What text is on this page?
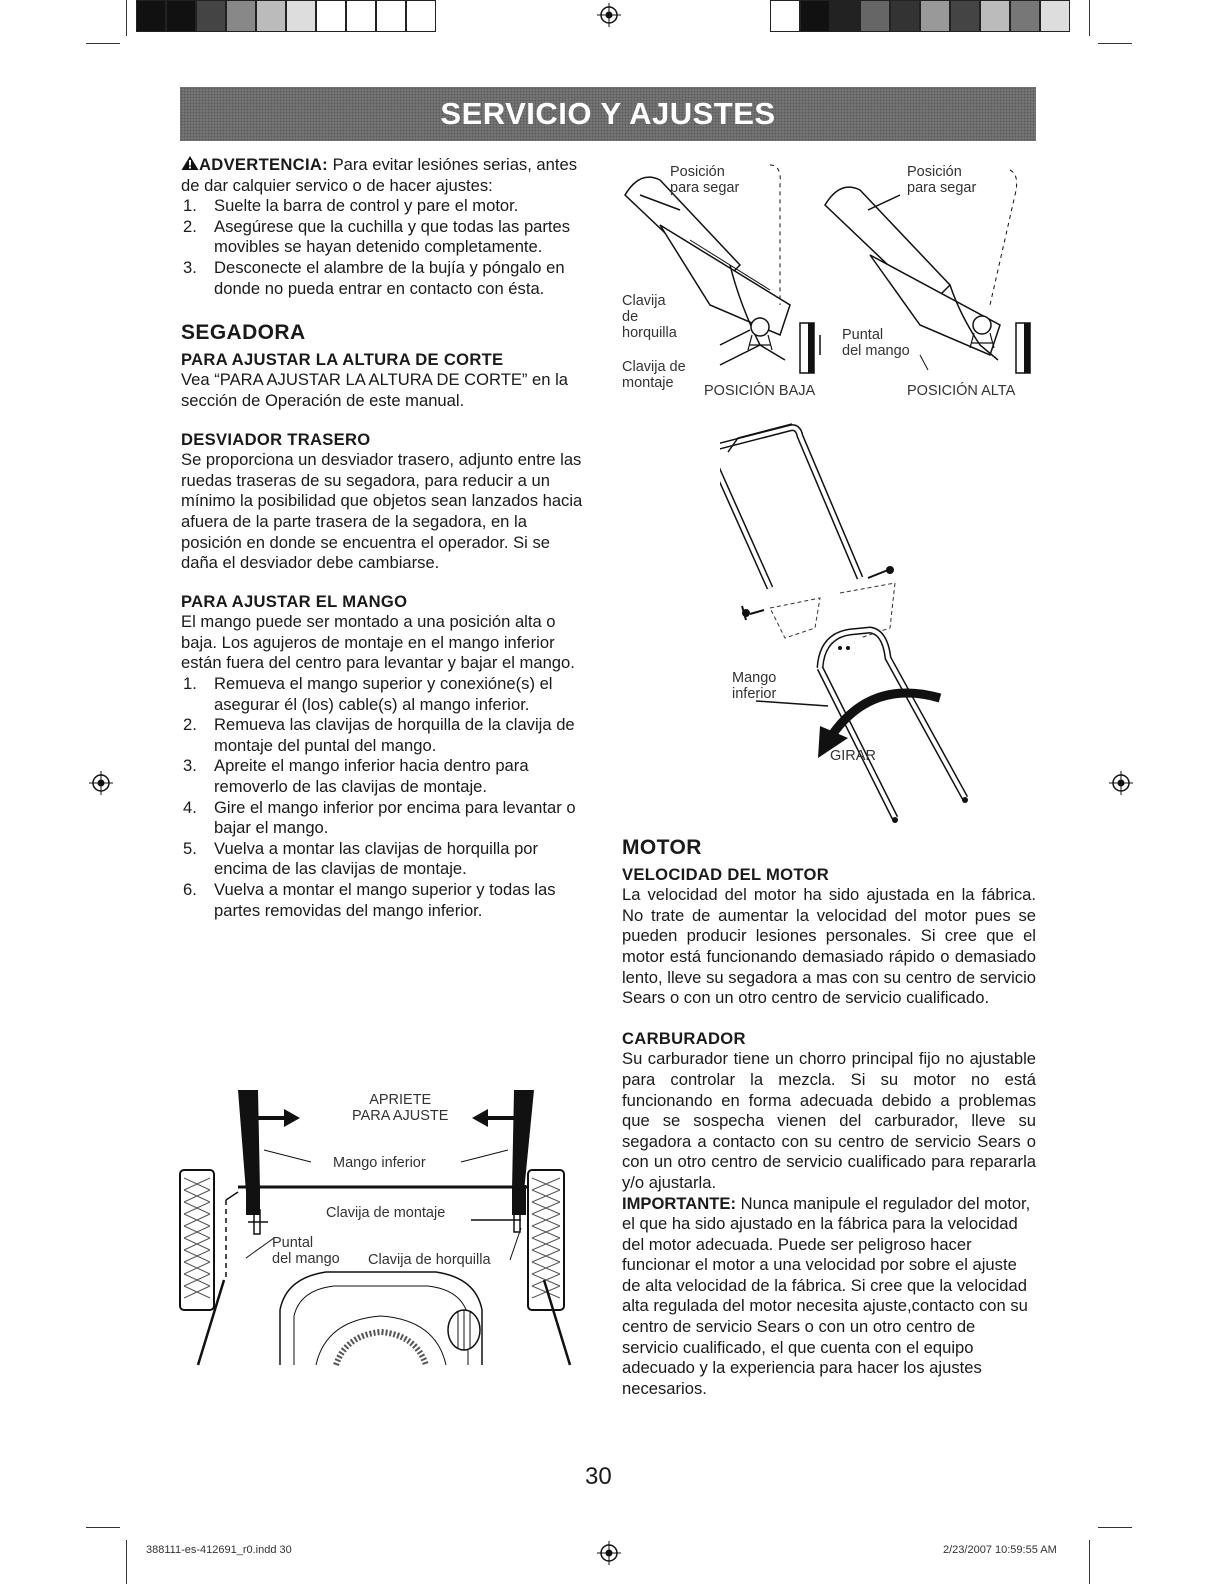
SERVICIO Y AJUSTES

ADVERTENCIA: Para evitar lesiónes serias, antes de dar calquier servico o de hacer ajustes:

1.	Suelte la barra de control y pare el motor.
2.	Asegúrese que la cuchilla y que todas las partes movibles se hayan detenido completamente.
3.	Desconecte el alambre de la bujía y póngalo en donde no pueda entrar en contacto con ésta.
SEGADORA
PARA AJUSTAR LA ALTURA DE CORTE

Vea “PARA AJUSTAR LA ALTURA DE CORTE” en la sección de Operación de este manual.

DESVIADOR TRASERO

Se proporciona un desviador trasero, adjunto entre las ruedas traseras de su segadora, para reducir a un mínimo la posibilidad que objetos sean lanzados hacia afuera de la parte trasera de la segadora, en la posición en donde se encuentra el operador. Si se daña el desviador debe cambiarse.

PARA AJUSTAR EL MANGO

El mango puede ser montado a una posición alta o baja. Los agujeros de montaje en el mango inferior están fuera del centro para levantar y bajar el mango.

1.	Remueva el mango superior y conexióne(s) el asegurar él (los) cable(s) al mango inferior.
2.	Remueva las clavijas de horquilla de la clavija de montaje del puntal del mango.
3.	Apreite el mango inferior hacia dentro para removerlo de las clavijas de montaje.
4.	Gire el mango inferior por encima para levantar o bajar el mango.
5.	Vuelva a montar las clavijas de horquilla por encima de las clavijas de montaje.
6.	Vuelva a montar el mango superior y todas las partes removidas del mango inferior.
APRIETE
PARA AJUSTE
Mango inferior
Clavija de montaje
Puntal
del mango Clavija de horquilla
Posición
para segar
Posición
para segar
Clavija
de
horquilla
Clavija de
montaje
Puntal
del mango
POSICIÓN BAJA	POSICIÓN ALTA
Mango
inferior
GIRAR
MOTOR
VELOCIDAD DEL MOTOR

La velocidad del motor ha sido ajustada en la fábrica. No trate de aumentar la velocidad del motor pues se pueden producir lesiones personales. Si cree que el motor está funcionando demasiado rápido o demasiado lento, lleve su segadora a mas con su centro de servicio Sears o con un otro centro de servicio cualificado.

CARBURADOR

Su carburador tiene un chorro principal fijo no ajustable para controlar la mezcla. Si su motor no está funcionando en forma adecuada debido a problemas que se sospecha vienen del carburador, lleve su segadora a contacto con su centro de servicio Sears o con un otro centro de servicio cualificado para repararla y/o ajustarla.

IMPORTANTE: Nunca manipule el regulador del motor, el que ha sido ajustado en la fábrica para la velocidad del motor adecuada. Puede ser peligroso hacer funcionar el motor a una velocidad por sobre el ajuste de alta velocidad de la fábrica. Si cree que la velocidad alta regulada del motor necesita ajuste,contacto con su centro de servicio Sears o con un otro centro de servicio cualificado, el que cuenta con el equipo adecuado y la experiencia para hacer los ajustes necesarios.

30
388111-es-412691_r0.indd 30	2/23/2007 10:59:55 AM
